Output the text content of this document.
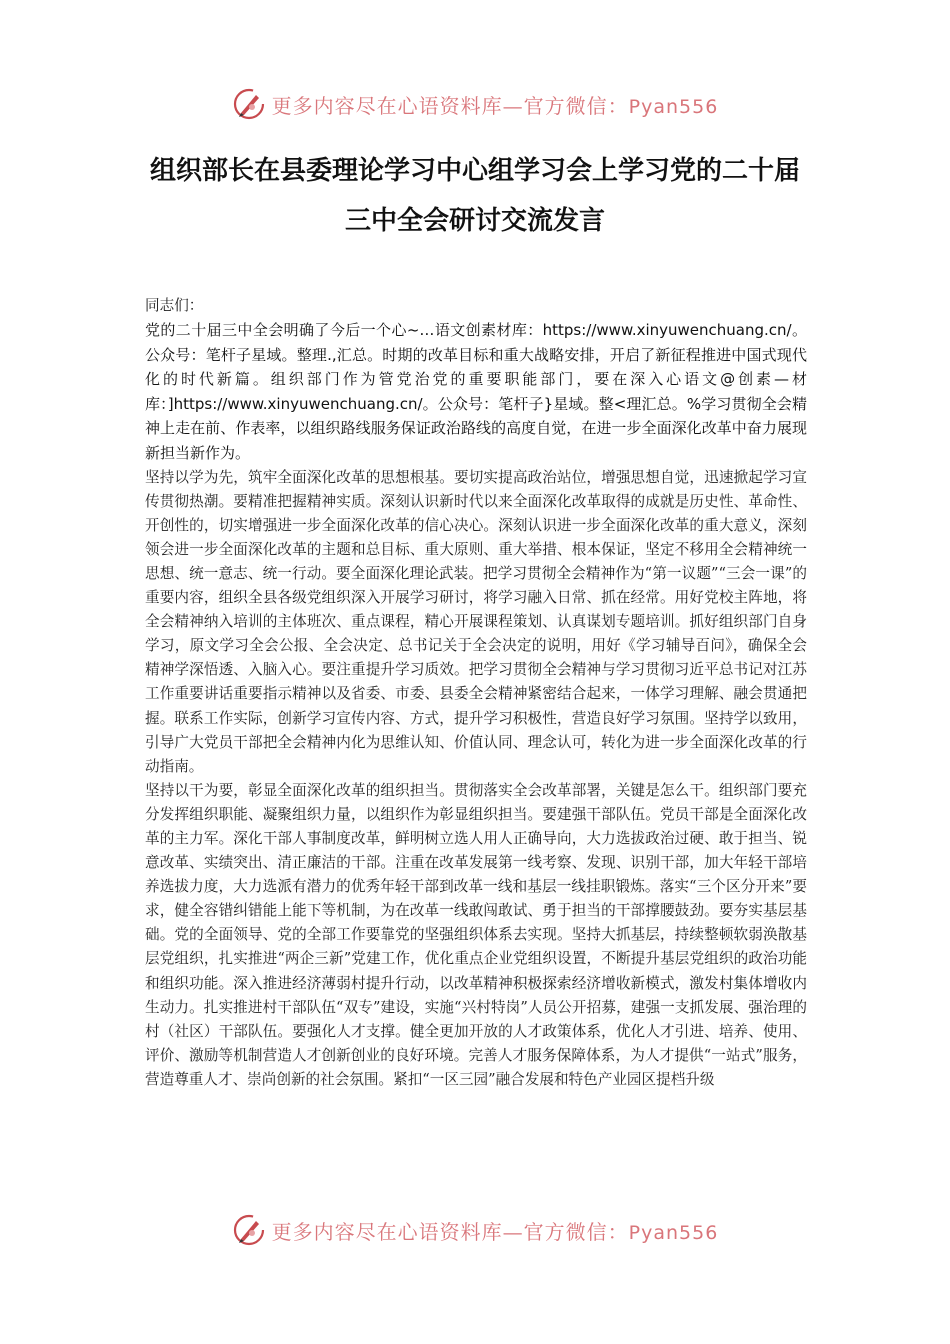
更多内容尽在心语资料库—官方微信：Pyan556
组织部长在县委理论学习中心组学习会上学习党的二十届三中全会研讨交流发言

同志们：

党的二十届三中全会明确了今后一个心~…语文创素材库：https://www.xinyuwenchuang.cn/。公众号：笔杆子星域。整理.,汇总。时期的改革目标和重大战略安排，开启了新征程推进中国式现代化的时代新篇。组织部门作为管党治党的重要职能部门，要在深入心语文@创素—材库：]https://www.xinyuwenchuang.cn/。公众号：笔杆子}星域。整<理汇总。%学习贯彻全会精神上走在前、作表率，以组织路线服务保证政治路线的高度自觉，在进一步全面深化改革中奋力展现新担当新作为。

坚持以学为先，筑牢全面深化改革的思想根基。要切实提高政治站位，增强思想自觉，迅速掀起学习宣传贯彻热潮。要精准把握精神实质。深刻认识新时代以来全面深化改革取得的成就是历史性、革命性、开创性的，切实增强进一步全面深化改革的信心决心。深刻认识进一步全面深化改革的重大意义，深刻领会进一步全面深化改革的主题和总目标、重大原则、重大举措、根本保证，坚定不移用全会精神统一思想、统一意志、统一行动。要全面深化理论武装。把学习贯彻全会精神作为“第一议题”“三会一课”的重要内容，组织全县各级党组织深入开展学习研讨，将学习融入日常、抓在经常。用好党校主阵地，将全会精神纳入培训的主体班次、重点课程，精心开展课程策划、认真谋划专题培训。抓好组织部门自身学习，原文学习全会公报、全会决定、总书记关于全会决定的说明，用好《学习辅导百问》，确保全会精神学深悟透、入脑入心。要注重提升学习质效。把学习贯彻全会精神与学习贯彻习近平总书记对江苏工作重要讲话重要指示精神以及省委、市委、县委全会精神紧密结合起来，一体学习理解、融会贯通把握。联系工作实际，创新学习宣传内容、方式，提升学习积极性，营造良好学习氛围。坚持学以致用，引导广大党员干部把全会精神内化为思维认知、价值认同、理念认可，转化为进一步全面深化改革的行动指南。

坚持以干为要，彰显全面深化改革的组织担当。贯彻落实全会改革部署，关键是怎么干。组织部门要充分发挥组织职能、凝聚组织力量，以组织作为彰显组织担当。要建强干部队伍。党员干部是全面深化改革的主力军。深化干部人事制度改革，鲜明树立选人用人正确导向，大力选拔政治过硬、敢于担当、锐意改革、实绩突出、清正廉洁的干部。注重在改革发展第一线考察、发现、识别干部，加大年轻干部培养选拔力度，大力选派有潜力的优秀年轻干部到改革一线和基层一线挂职锻炼。落实“三个区分开来”要求，健全容错纠错能上能下等机制，为在改革一线敢闯敢试、勇于担当的干部撑腰鼓劲。要夯实基层基础。党的全面领导、党的全部工作要靠党的坚强组织体系去实现。坚持大抓基层，持续整顿软弱涣散基层党组织，扎实推进“两企三新”党建工作，优化重点企业党组织设置，不断提升基层党组织的政治功能和组织功能。深入推进经济薄弱村提升行动，以改革精神积极探索经济增收新模式，激发村集体增收内生动力。扎实推进村干部队伍“双专”建设，实施“兴村特岗”人员公开招募，建强一支抓发展、强治理的村（社区）干部队伍。要强化人才支撑。健全更加开放的人才政策体系，优化人才引进、培养、使用、评价、激励等机制营造人才创新创业的良好环境。完善人才服务保障体系，为人才提供“一站式”服务，营造尊重人才、崇尚创新的社会氛围。紧扣“一区三园”融合发展和特色产业园区提档升级

更多内容尽在心语资料库—官方微信：Pyan556
